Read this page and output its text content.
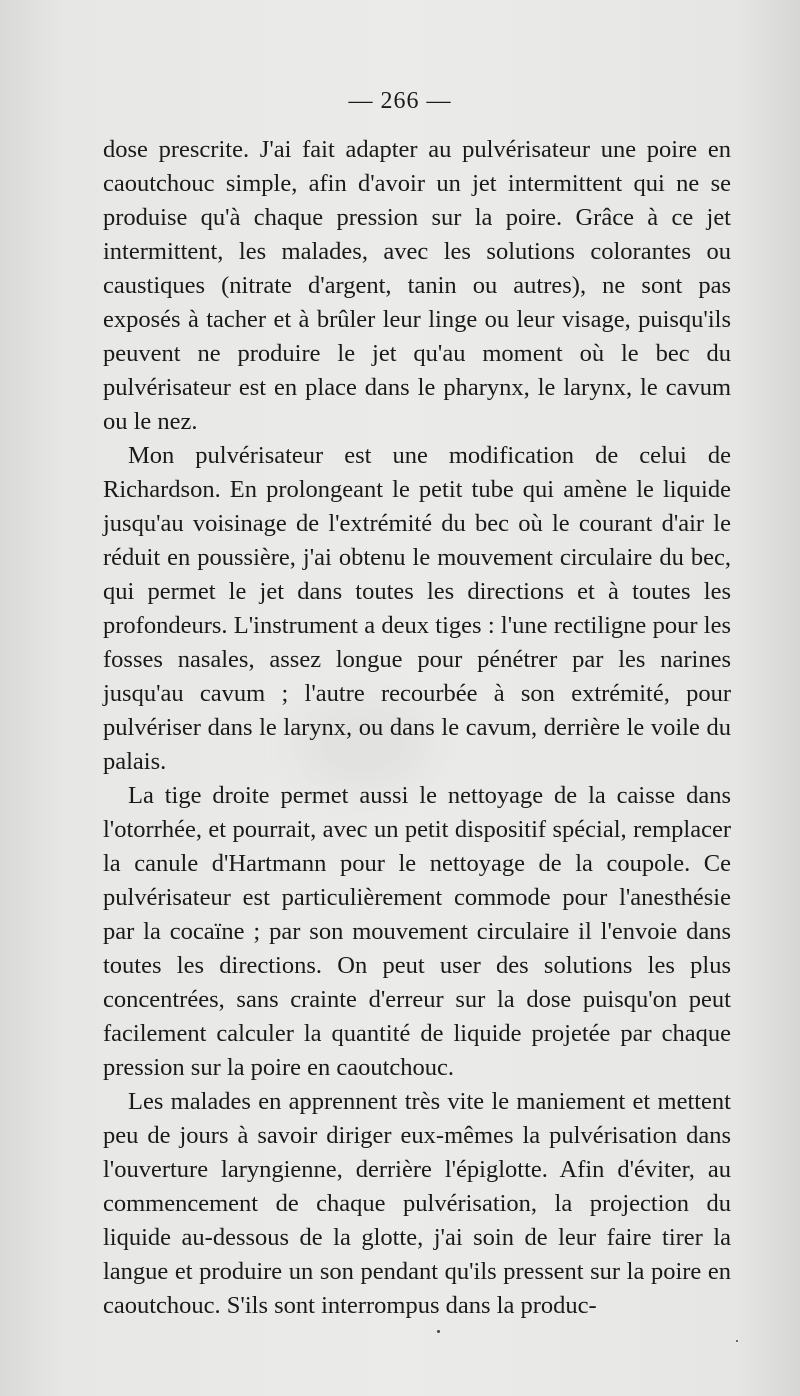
— 266 —

dose prescrite. J'ai fait adapter au pulvérisateur une poire en caoutchouc simple, afin d'avoir un jet intermittent qui ne se produise qu'à chaque pression sur la poire. Grâce à ce jet intermittent, les malades, avec les solutions colorantes ou caustiques (nitrate d'argent, tanin ou autres), ne sont pas exposés à tacher et à brûler leur linge ou leur visage, puisqu'ils peuvent ne produire le jet qu'au moment où le bec du pulvérisateur est en place dans le pharynx, le larynx, le cavum ou le nez.

Mon pulvérisateur est une modification de celui de Richardson. En prolongeant le petit tube qui amène le liquide jusqu'au voisinage de l'extrémité du bec où le courant d'air le réduit en poussière, j'ai obtenu le mouvement circulaire du bec, qui permet le jet dans toutes les directions et à toutes les profondeurs. L'instrument a deux tiges : l'une rectiligne pour les fosses nasales, assez longue pour pénétrer par les narines jusqu'au cavum ; l'autre recourbée à son extrémité, pour pulvériser dans le larynx, ou dans le cavum, derrière le voile du palais.

La tige droite permet aussi le nettoyage de la caisse dans l'otorrhée, et pourrait, avec un petit dispositif spécial, remplacer la canule d'Hartmann pour le nettoyage de la coupole. Ce pulvérisateur est particulièrement commode pour l'anesthésie par la cocaïne ; par son mouvement circulaire il l'envoie dans toutes les directions. On peut user des solutions les plus concentrées, sans crainte d'erreur sur la dose puisqu'on peut facilement calculer la quantité de liquide projetée par chaque pression sur la poire en caoutchouc.

Les malades en apprennent très vite le maniement et mettent peu de jours à savoir diriger eux-mêmes la pulvérisation dans l'ouverture laryngienne, derrière l'épiglotte. Afin d'éviter, au commencement de chaque pulvérisation, la projection du liquide au-dessous de la glotte, j'ai soin de leur faire tirer la langue et produire un son pendant qu'ils pressent sur la poire en caoutchouc. S'ils sont interrompus dans la produc-
